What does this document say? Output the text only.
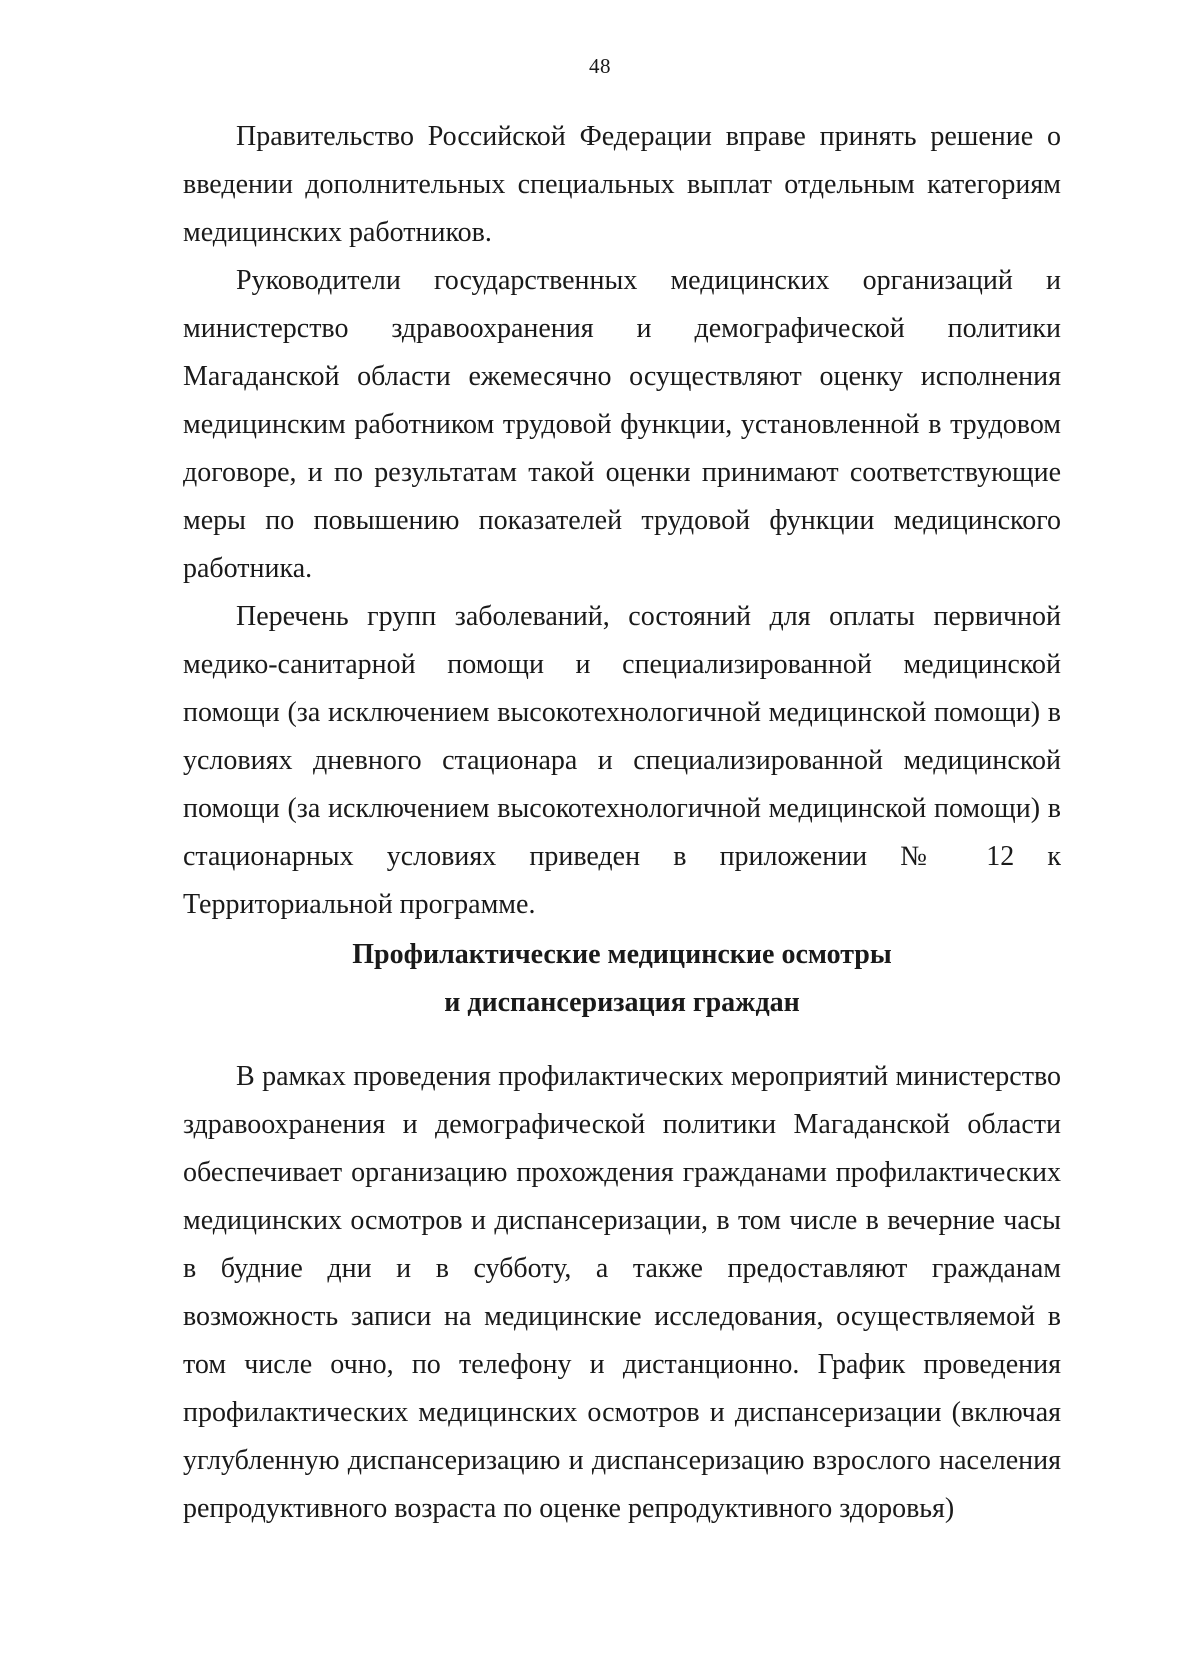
48

Правительство Российской Федерации вправе принять решение о введении дополнительных специальных выплат отдельным категориям медицинских работников.

Руководители государственных медицинских организаций и министерство здравоохранения и демографической политики Магаданской области ежемесячно осуществляют оценку исполнения медицинским работником трудовой функции, установленной в трудовом договоре, и по результатам такой оценки принимают соответствующие меры по повышению показателей трудовой функции медицинского работника.

Перечень групп заболеваний, состояний для оплаты первичной медико-санитарной помощи и специализированной медицинской помощи (за исключением высокотехнологичной медицинской помощи) в условиях дневного стационара и специализированной медицинской помощи (за исключением высокотехнологичной медицинской помощи) в стационарных условиях приведен в приложении № 12 к Территориальной программе.

Профилактические медицинские осмотры
и диспансеризация граждан

В рамках проведения профилактических мероприятий министерство здравоохранения и демографической политики Магаданской области обеспечивает организацию прохождения гражданами профилактических медицинских осмотров и диспансеризации, в том числе в вечерние часы в будние дни и в субботу, а также предоставляют гражданам возможность записи на медицинские исследования, осуществляемой в том числе очно, по телефону и дистанционно. График проведения профилактических медицинских осмотров и диспансеризации (включая углубленную диспансеризацию и диспансеризацию взрослого населения репродуктивного возраста по оценке репродуктивного здоровья)
